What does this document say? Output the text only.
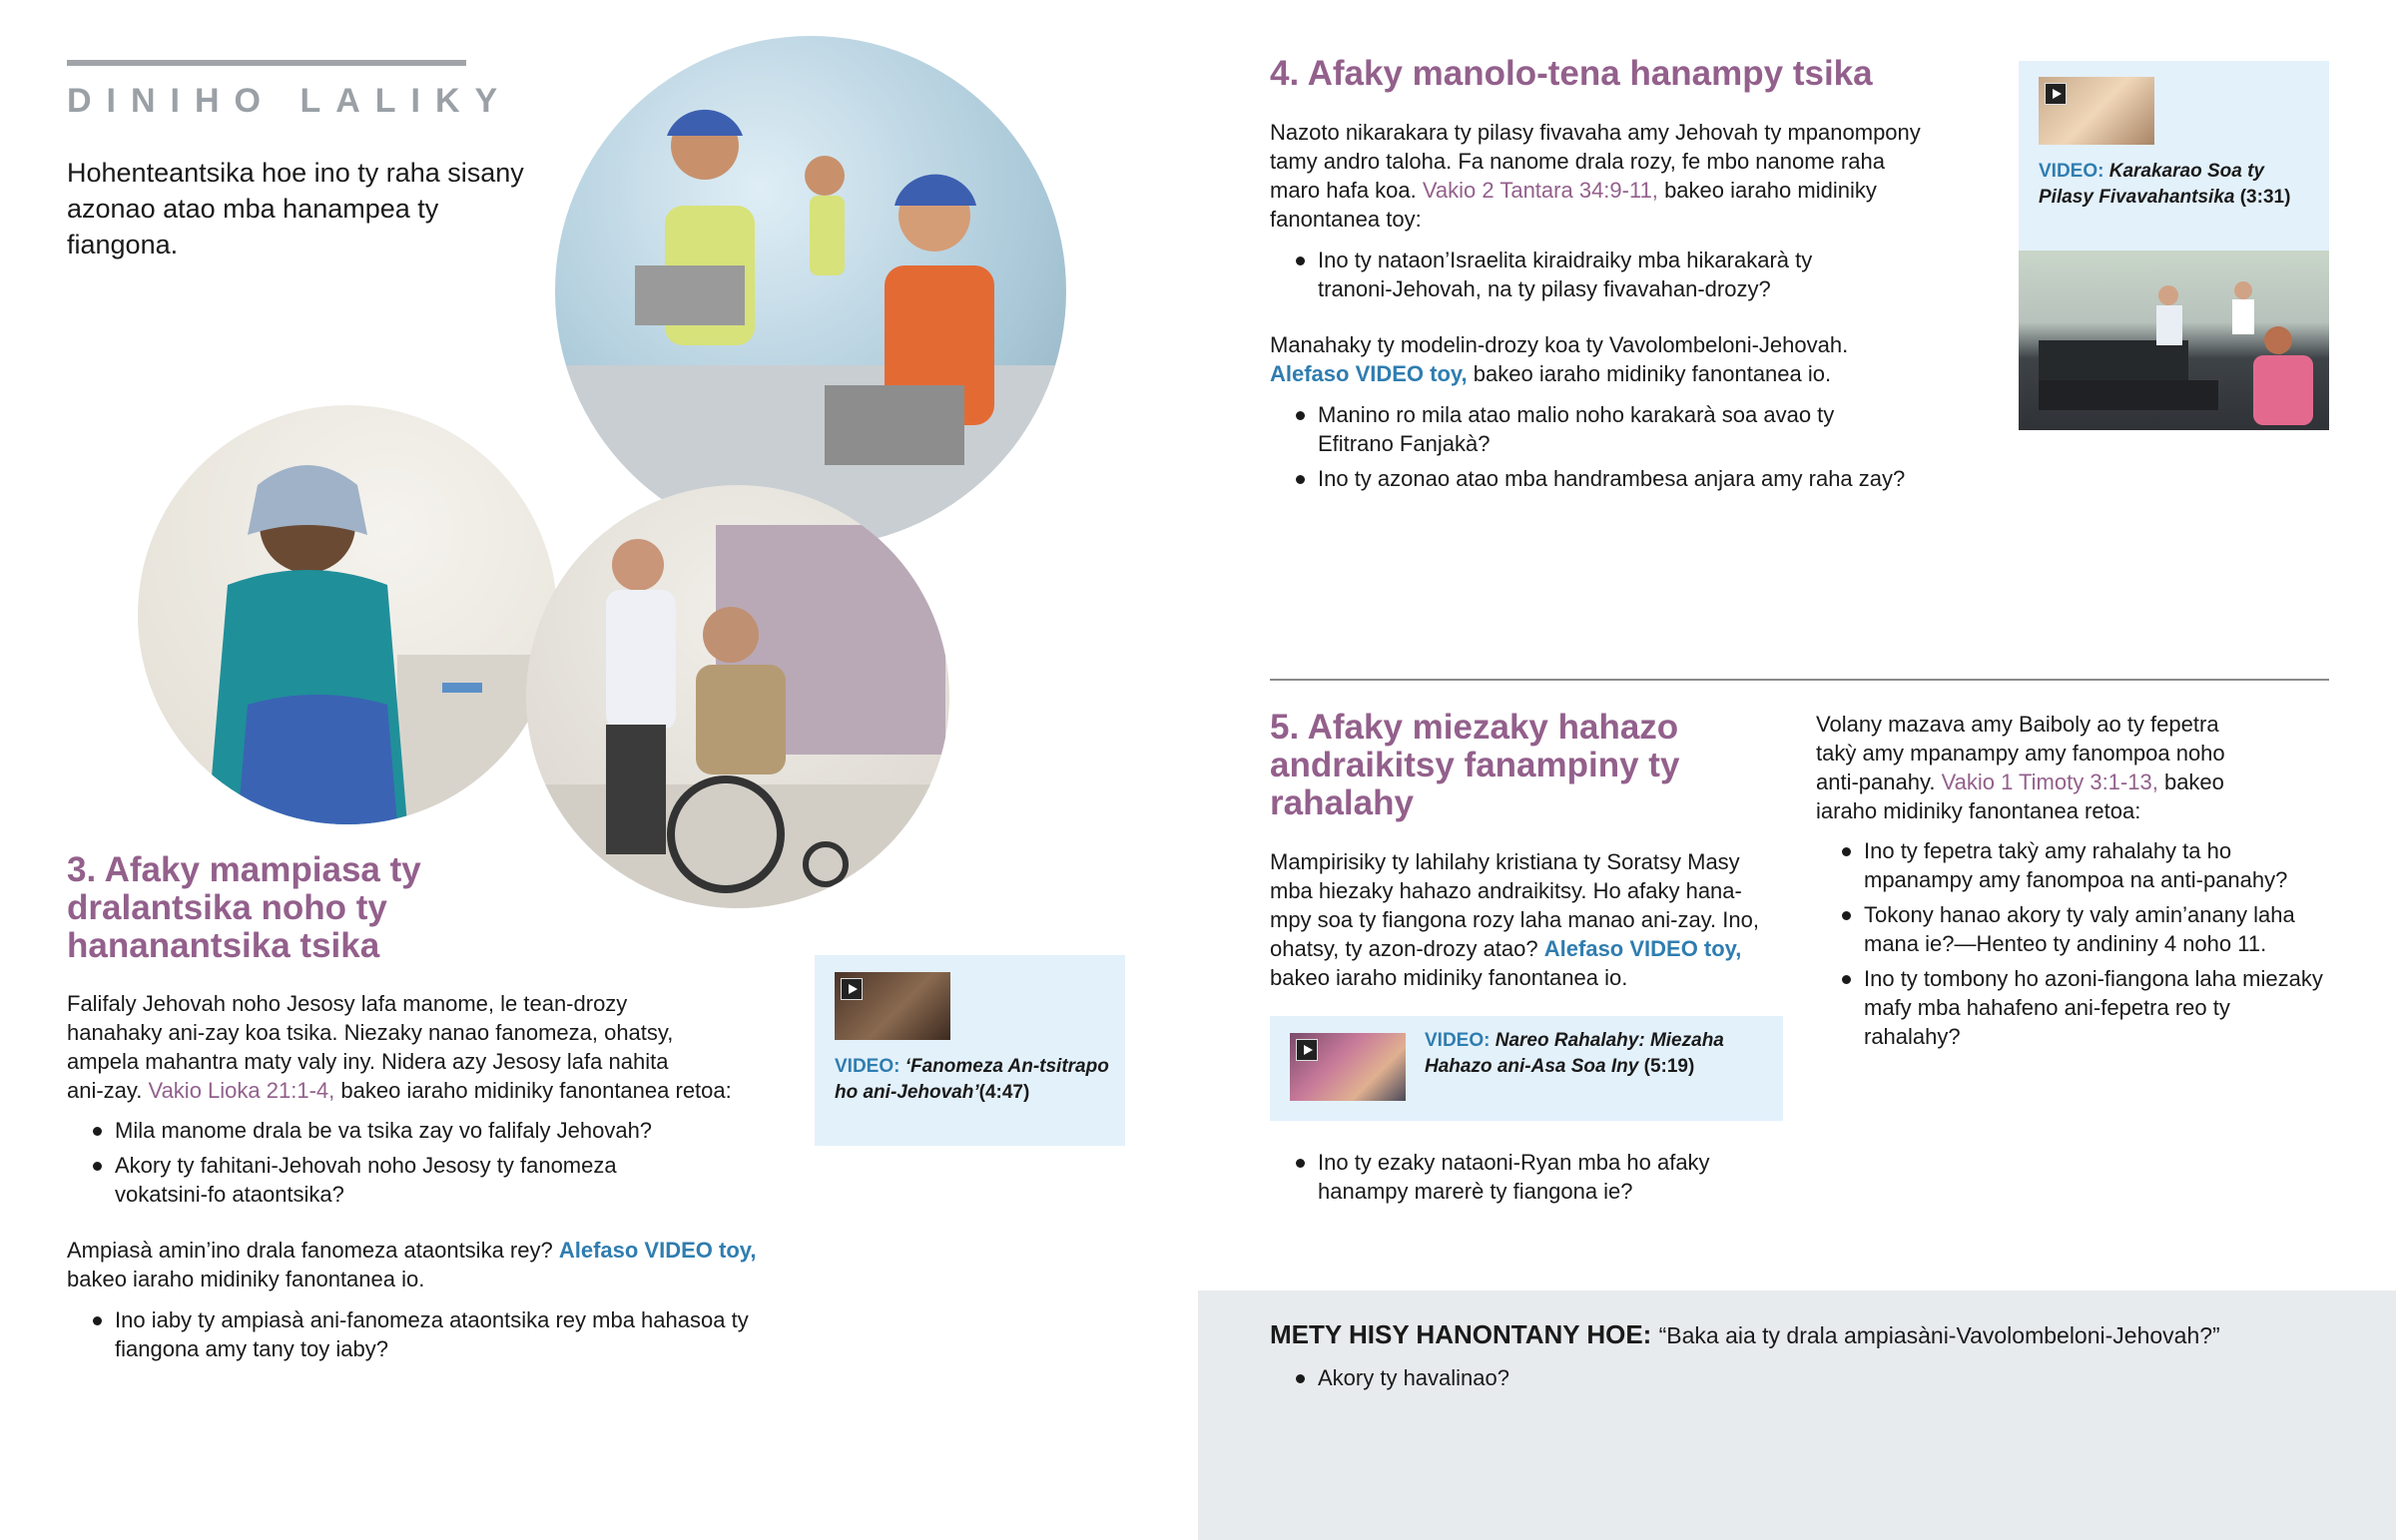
DINIHO LALIKY

Hohenteantsika hoe ino ty raha sisany azonao atao mba hanampea ty fiangona.

3. Afaky mampiasa ty
dralantsika noho ty
hananantsika tsika

Falifaly Jehovah noho Jesosy lafa manome, le tean-drozy

hanahaky ani-zay koa tsika. Niezaky nanao fanomeza, ohatsy,

ampela mahantra maty valy iny. Nidera azy Jesosy lafa nahita

ani-zay. Vakio Lioka 21:1-4, bakeo iaraho midiniky fanontanea retoa:

Mila manome drala be va tsika zay vo falifaly Jehovah?
Akory ty fahitani-Jehovah noho Jesosy ty fanomeza vokatsini-fo ataontsika?

Ampiasà amin’ino drala fanomeza ataontsika rey? Alefaso VIDEO toy,

bakeo iaraho midiniky fanontanea io.

Ino iaby ty ampiasà ani-fanomeza ataontsika rey mba hahasoa ty fiangona amy tany toy iaby?
VIDEO: ‘Fanomeza An-tsitrapo ho ani-Jehovah’(4:47)
4. Afaky manolo-tena hanampy tsika

Nazoto nikarakara ty pilasy fivavaha amy Jehovah ty mpanompony

tamy andro taloha. Fa nanome drala rozy, fe mbo nanome raha

maro hafa koa. Vakio 2 Tantara 34:9-11, bakeo iaraho midiniky

fanontanea toy:

Ino ty nataon’Israelita kiraidraiky mba hikarakarà ty tranoni-Jehovah, na ty pilasy fivavahan-drozy?

Manahaky ty modelin-drozy koa ty Vavolombeloni-Jehovah.

Alefaso VIDEO toy, bakeo iaraho midiniky fanontanea io.

Manino ro mila atao malio noho karakarà soa avao ty Efitrano Fanjakà?
Ino ty azonao atao mba handrambesa anjara amy raha zay?
VIDEO: Karakarao Soa ty
Pilasy Fivavahantsika (3:31)
5. Afaky miezaky hahazo
andraikitsy fanampiny ty
rahalahy

Mampirisiky ty lahilahy kristiana ty Soratsy Masy

mba hiezaky hahazo andraikitsy. Ho afaky hana-

mpy soa ty fiangona rozy laha manao ani-zay. Ino,

ohatsy, ty azon-drozy atao? Alefaso VIDEO toy,

bakeo iaraho midiniky fanontanea io.

VIDEO: Nareo Rahalahy: Miezaha
Hahazo ani-Asa Soa Iny (5:19)
Ino ty ezaky nataoni-Ryan mba ho afaky hanampy marerè ty fiangona ie?

Volany mazava amy Baiboly ao ty fepetra

takỳ amy mpanampy amy fanompoa noho

anti-panahy. Vakio 1 Timoty 3:1-13, bakeo

iaraho midiniky fanontanea retoa:

Ino ty fepetra takỳ amy rahalahy ta ho mpanampy amy fanompoa na anti-panahy?
Tokony hanao akory ty valy amin’anany laha mana ie?—Henteo ty andininy 4 noho 11.
Ino ty tombony ho azoni-fiangona laha miezaky mafy mba hahafeno ani-fepetra reo ty rahalahy?
METY HISY HANONTANY HOE: “Baka aia ty drala ampiasàni-Vavolombeloni-Jehovah?”
Akory ty havalinao?
